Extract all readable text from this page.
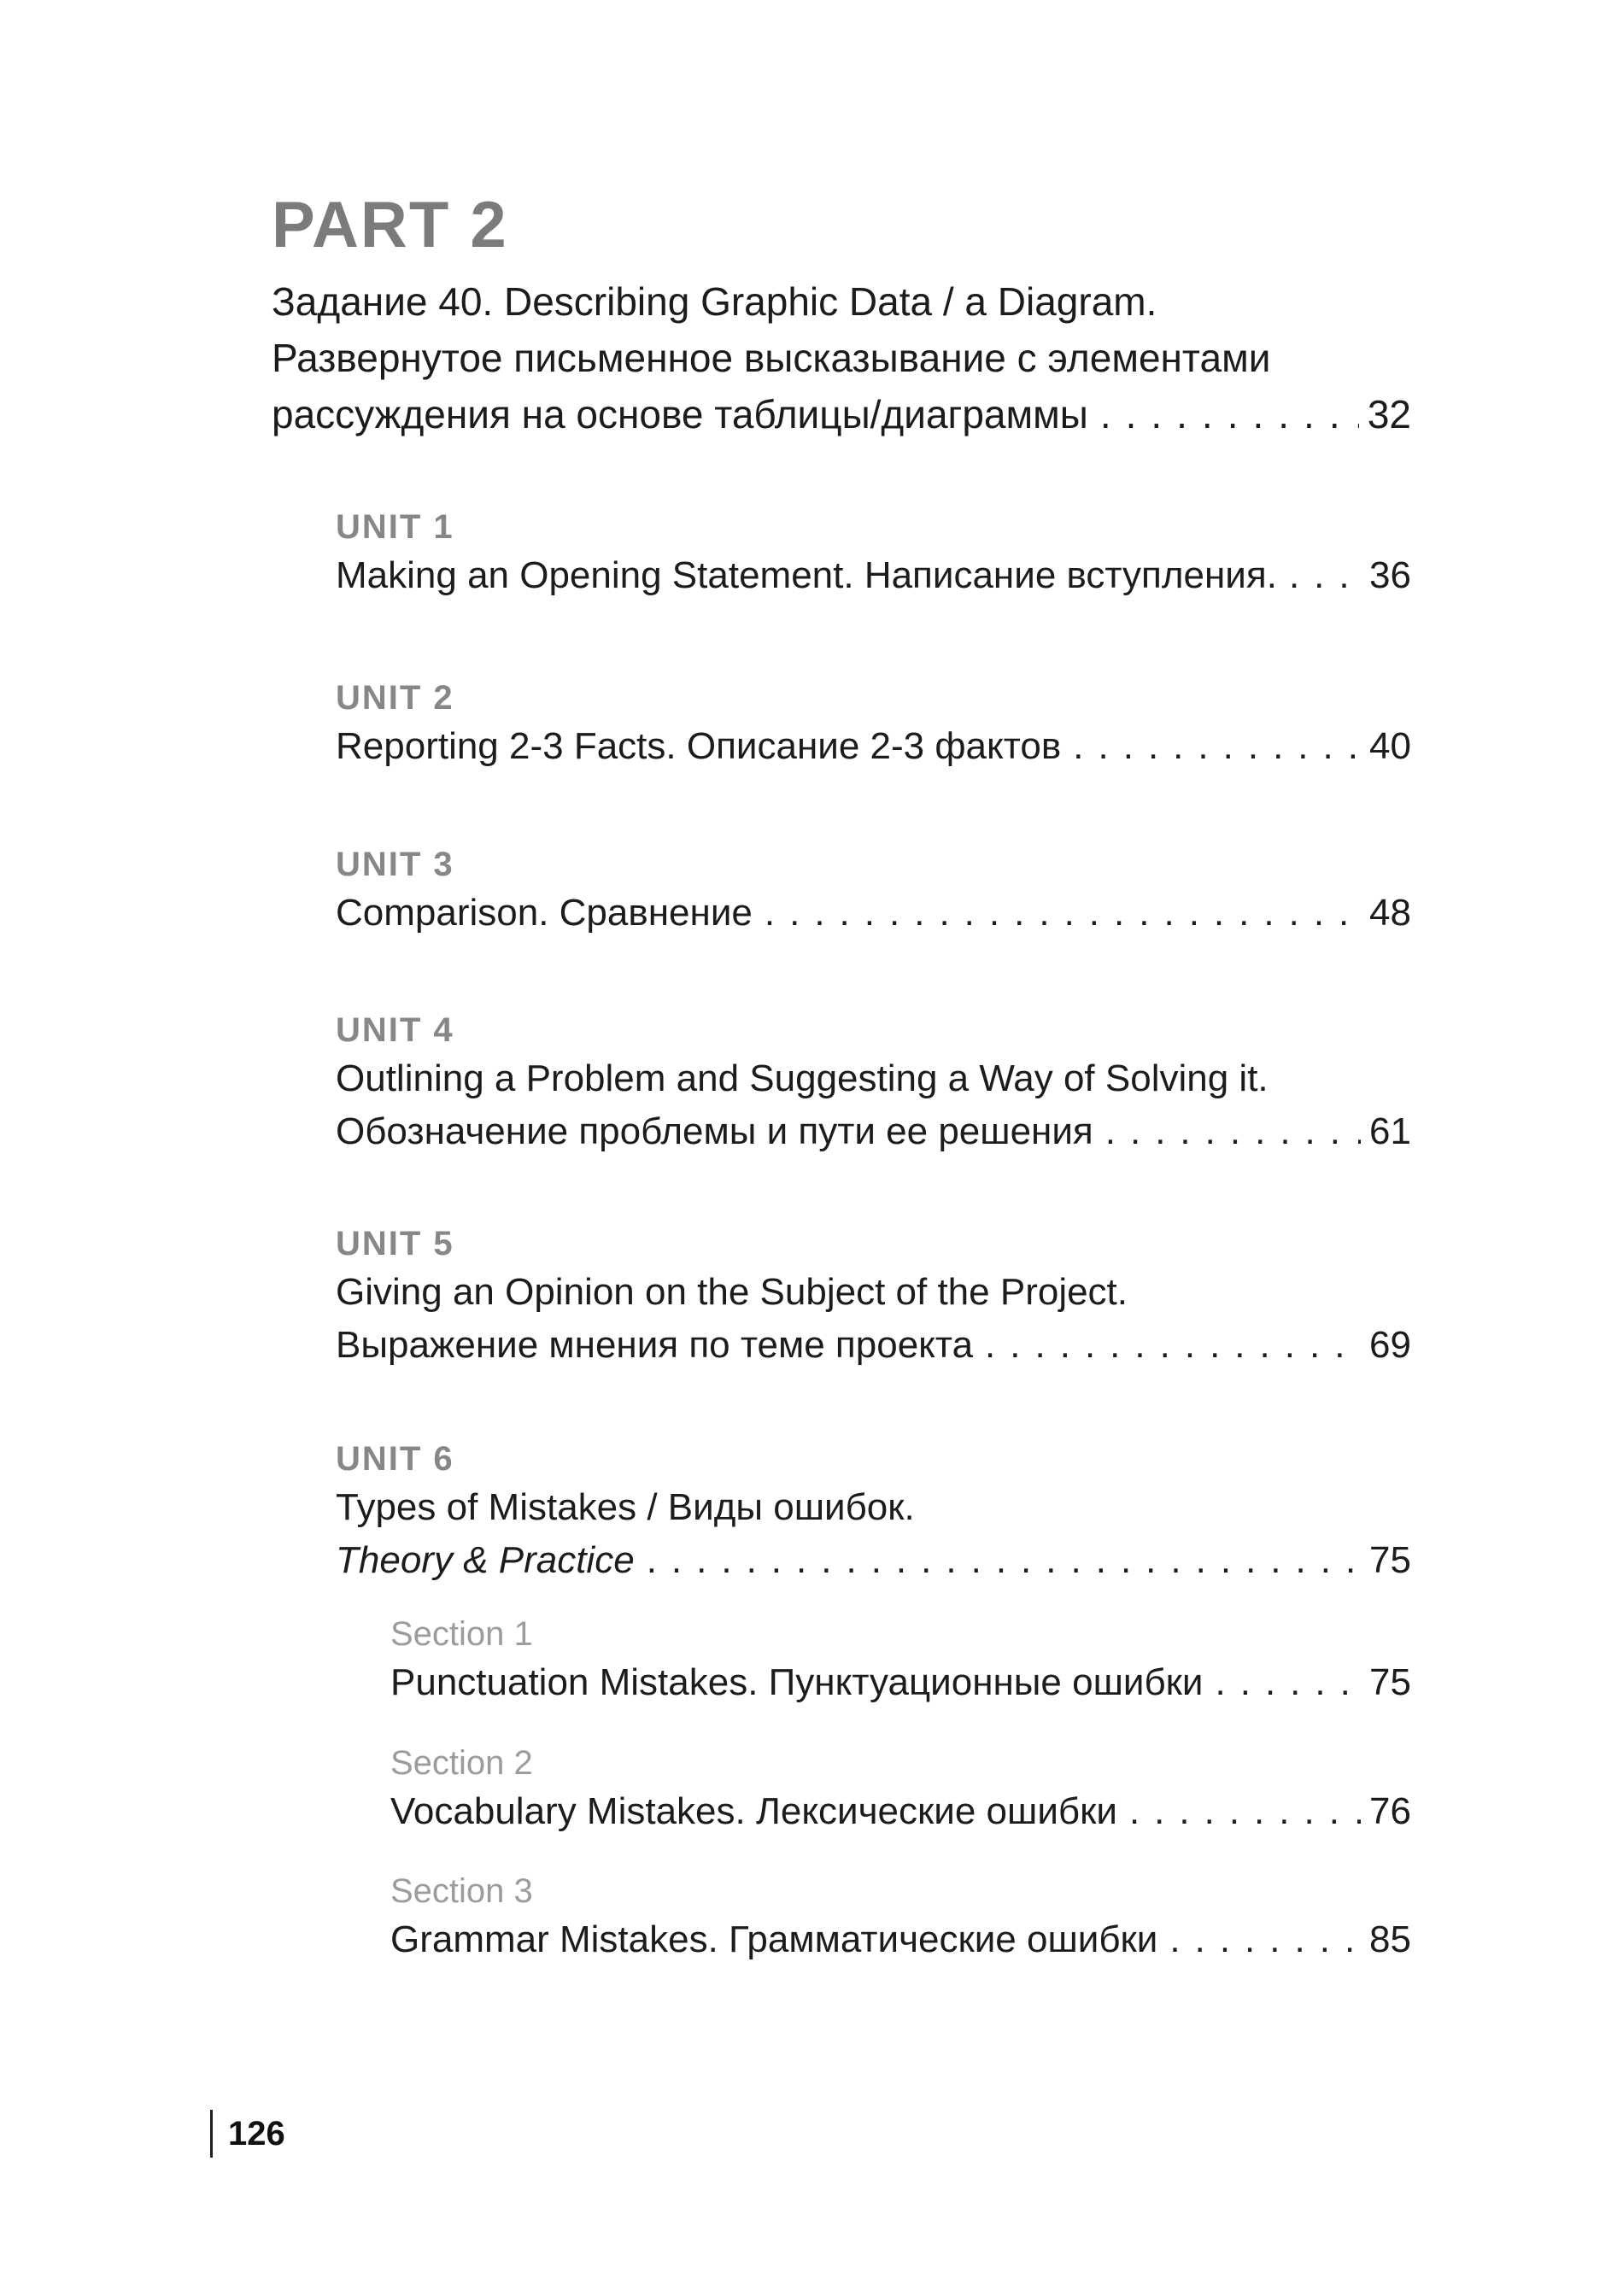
PART 2
Задание 40. Describing Graphic Data / a Diagram.
Развернутое письменное высказывание с элементами
рассуждения на основе таблицы/диаграммы .....	32
UNIT 1
Making an Opening Statement. Написание вступления. ..... 36
UNIT 2
Reporting 2-3 Facts. Описание 2-3 фактов .....	40
UNIT 3
Comparison. Сравнение .....	48
UNIT 4
Outlining a Problem and Suggesting a Way of Solving it.
Обозначение проблемы и пути ее решения .....	61
UNIT 5
Giving an Opinion on the Subject of the Project.
Выражение мнения по теме проекта .....	69
UNIT 6
Types of Mistakes / Виды ошибок.
Theory & Practice .....	75
Section 1
Punctuation Mistakes. Пунктуационные ошибки .....	75
Section 2
Vocabulary Mistakes. Лексические ошибки .....	76
Section 3
Grammar Mistakes. Грамматические ошибки .....	85
126
